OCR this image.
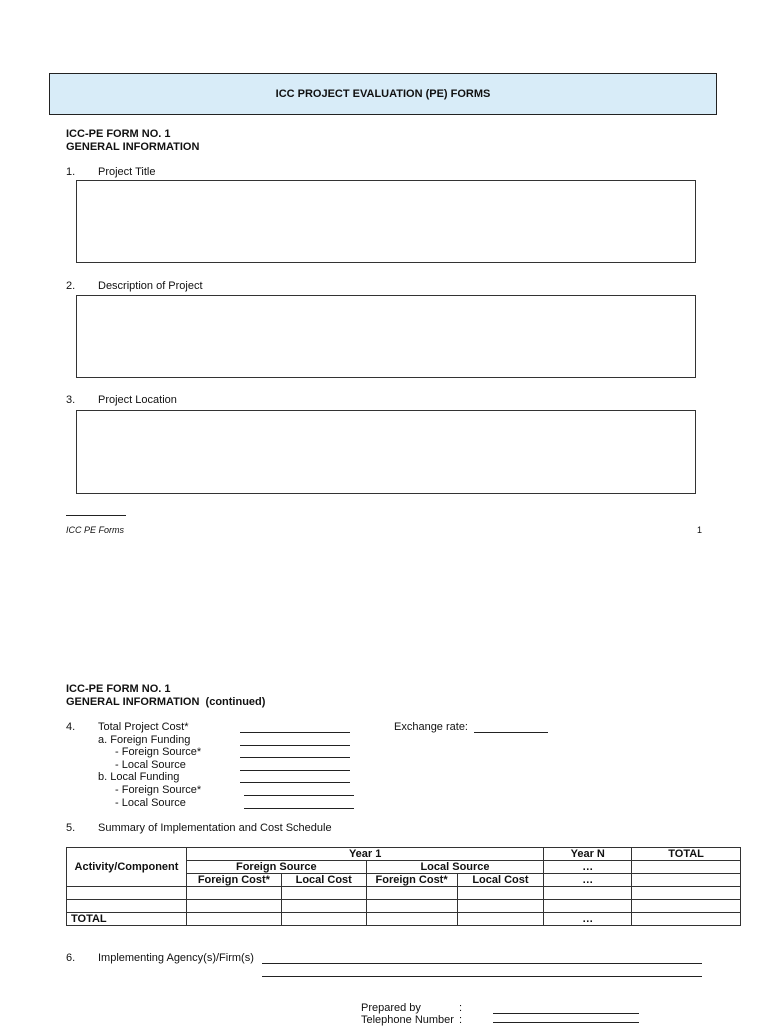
ICC PROJECT EVALUATION (PE) FORMS
ICC-PE FORM NO. 1
GENERAL INFORMATION
1.	Project Title
2.	Description of Project
3.	Project Location
ICC PE Forms	1
ICC-PE FORM NO. 1
GENERAL INFORMATION  (continued)
4.	Total Project Cost*	Exchange rate:
a. Foreign Funding
- Foreign Source*
- Local Source
b. Local Funding
- Foreign Source*
- Local Source
5.	Summary of Implementation and Cost Schedule
Activity/Component	Year 1				Year N	TOTAL
	Foreign Source		Local Source		…	
	Foreign Cost*	Local Cost	Foreign Cost*	Local Cost	…	

TOTAL					…	
6.	Implementing Agency(s)/Firm(s)
Prepared by	:
Telephone Number :
